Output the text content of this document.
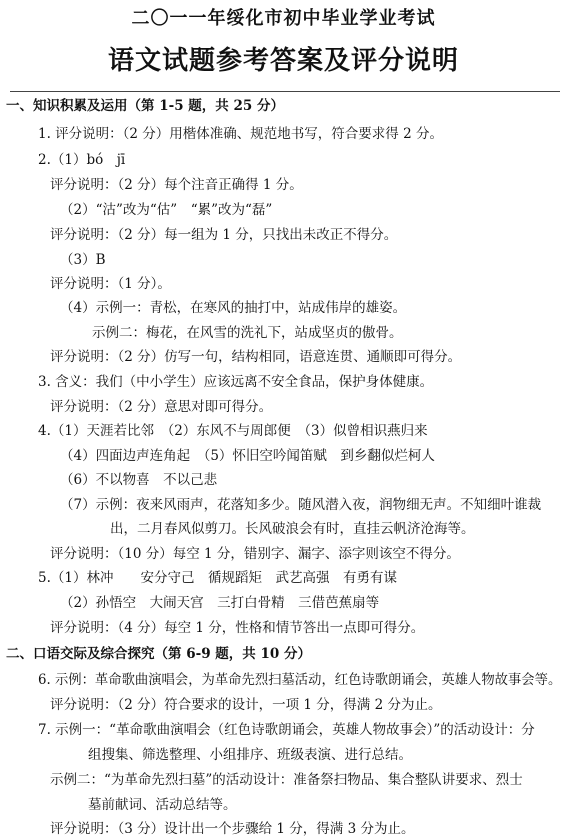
二〇一一年绥化市初中毕业学业考试
语文试题参考答案及评分说明
一、知识积累及运用（第 1-5 题，共 25 分）
1. 评分说明：（2 分）用楷体准确、规范地书写，符合要求得 2 分。
2.（1）bó　jī
评分说明：（2 分）每个注音正确得 1 分。
（2）“沽”改为“估”　“累”改为“磊”
评分说明：（2 分）每一组为 1 分，只找出未改正不得分。
（3）B
评分说明：（1 分）。
（4）示例一：青松，在寒风的抽打中，站成伟岸的雄姿。
示例二：梅花，在风雪的洗礼下，站成坚贞的傲骨。
评分说明：（2 分）仿写一句，结构相同，语意连贯、通顺即可得分。
3. 含义：我们（中小学生）应该远离不安全食品，保护身体健康。
评分说明：（2 分）意思对即可得分。
4.（1）天涯若比邻　（2）东风不与周郎便　（3）似曾相识燕归来
（4）四面边声连角起　（5）怀旧空吟闻笛赋　到乡翻似烂柯人
（6）不以物喜　不以己悲
（7）示例：夜来风雨声，花落知多少。随风潜入夜，润物细无声。不知细叶谁裁
出，二月春风似剪刀。长风破浪会有时，直挂云帆济沧海等。
评分说明：（10 分）每空 1 分，错别字、漏字、添字则该空不得分。
5.（1）林冲　　安分守己　循规蹈矩　武艺高强　有勇有谋
（2）孙悟空　大闹天宫　三打白骨精　三借芭蕉扇等
评分说明：（4 分）每空 1 分，性格和情节答出一点即可得分。
二、口语交际及综合探究（第 6-9 题，共 10 分）
6. 示例：革命歌曲演唱会，为革命先烈扫墓活动，红色诗歌朗诵会，英雄人物故事会等。
评分说明：（2 分）符合要求的设计，一项 1 分，得满 2 分为止。
7. 示例一：“革命歌曲演唱会（红色诗歌朗诵会，英雄人物故事会）”的活动设计：分
组搜集、筛选整理、小组排序、班级表演、进行总结。
示例二：“为革命先烈扫墓”的活动设计：准备祭扫物品、集合整队讲要求、烈士
墓前献词、活动总结等。
评分说明：（3 分）设计出一个步骤给 1 分，得满 3 分为止。
